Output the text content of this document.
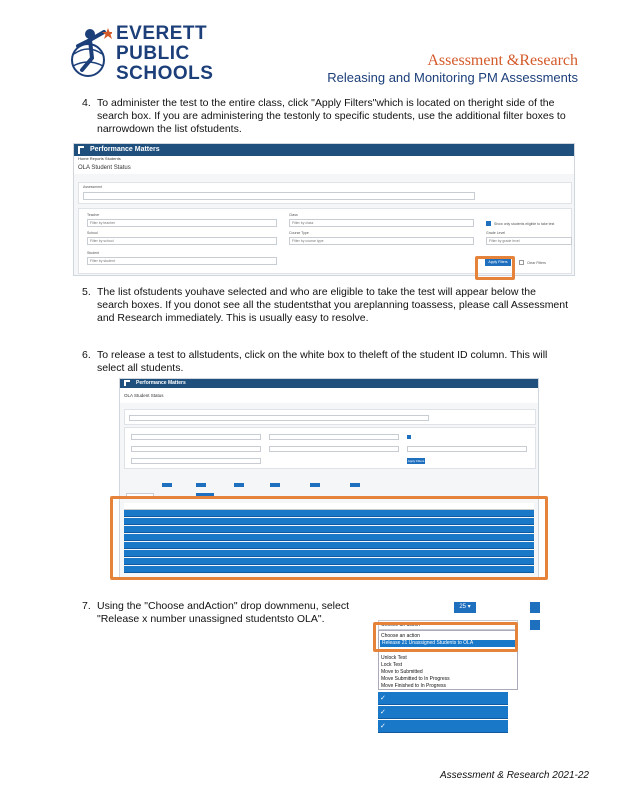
EVERETT
PUBLIC
SCHOOLS
Assessment &Research
Releasing and Monitoring PM Assessments
4. To administer the test to the entire class, click "Apply Filters"which is located on theright side of the search box. If you are administering the testonly to specific students, use the additional filter boxes to narrowdown the list ofstudents.
Performance Matters
Home Reports Students
OLA Student Status
Assessment
Teacher
Filter by teacher
Class
Filter by class	Show only students eligible to take test
School
Filter by school
Course Type
Filter by course type
Grade Level
Filter by grade level
Student
Filter by student	Apply Filters	Clear Filters
5. The list ofstudents youhave selected and who are eligible to take the test will appear below the search boxes. If you donot see all the studentsthat you areplanning toassess, please call Assessment and Research immediately. This is usually easy to resolve.
6. To release a test to allstudents, click on the white box to theleft of the student ID column. This will select all students.
Performance Matters
OLA Student Status
Apply Filters
7. Using the "Choose andAction" drop downmenu, select "Release x number unassigned studentsto OLA".
25 ▾
Choose an action
Choose an action
Release 21 Unassigned Students to OLA
Unlock Test
Lock Test
Move to Submitted
Move Submitted to In Progress
Move Finished to In Progress
✓
✓
✓
Assessment & Research 2021-22
